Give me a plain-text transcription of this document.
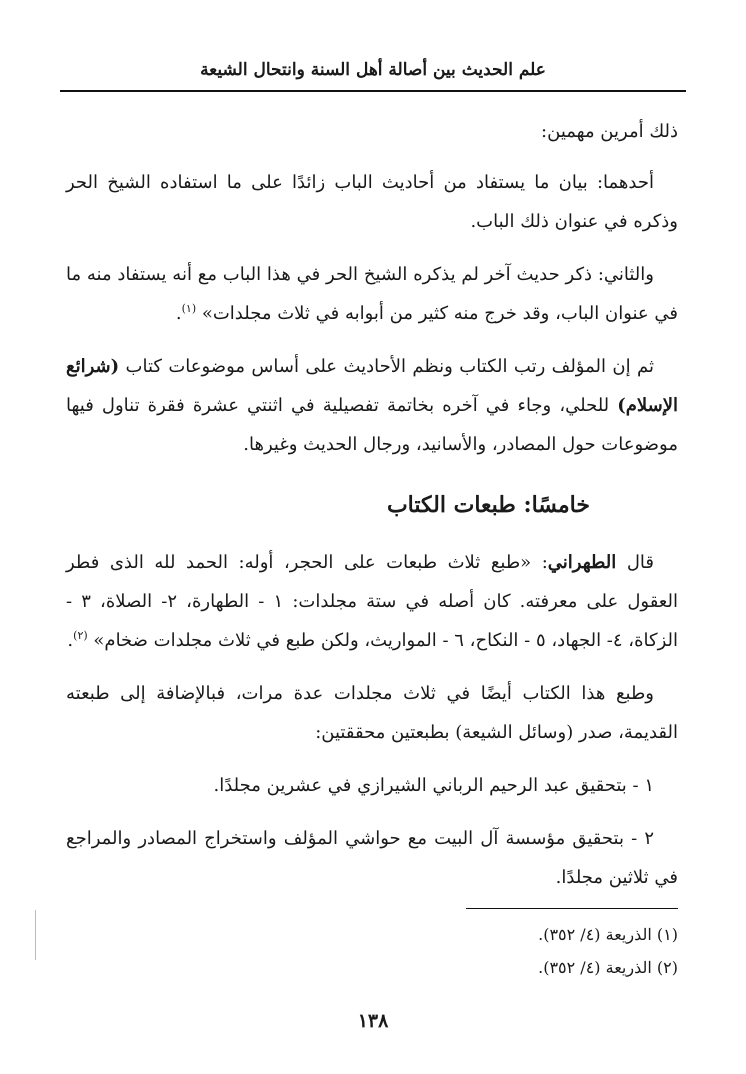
علم الحديث بين أصالة أهل السنة وانتحال الشيعة

ذلك أمرين مهمين:

أحدهما: بيان ما يستفاد من أحاديث الباب زائدًا على ما استفاده الشيخ الحر وذكره في عنوان ذلك الباب.

والثاني: ذكر حديث آخر لم يذكره الشيخ الحر في هذا الباب مع أنه يستفاد منه ما في عنوان الباب، وقد خرج منه كثير من أبوابه في ثلاث مجلدات» $^{(١)}$.

ثم إن المؤلف رتب الكتاب ونظم الأحاديث على أساس موضوعات كتاب (شرائع الإسلام) للحلي، وجاء في آخره بخاتمة تفصيلية في اثنتي عشرة فقرة تناول فيها موضوعات حول المصادر، والأسانيد، ورجال الحديث وغيرها.

خامسًا: طبعات الكتاب

قال الطهراني: «طبع ثلاث طبعات على الحجر، أوله: الحمد لله الذى فطر العقول على معرفته. كان أصله في ستة مجلدات: ١ - الطهارة، ٢- الصلاة، ٣ - الزكاة، ٤- الجهاد، ٥ - النكاح، ٦ - المواريث، ولكن طبع في ثلاث مجلدات ضخام» $^{(٢)}$.

وطبع هذا الكتاب أيضًا في ثلاث مجلدات عدة مرات، فبالإضافة إلى طبعته القديمة، صدر (وسائل الشيعة) بطبعتين محققتين:

١ - بتحقيق عبد الرحيم الرباني الشيرازي في عشرين مجلدًا.

٢ - بتحقيق مؤسسة آل البيت مع حواشي المؤلف واستخراج المصادر والمراجع في ثلاثين مجلدًا.

(١) الذريعة (٤/ ٣٥٢).

(٢) الذريعة (٤/ ٣٥٢).

١٣٨
